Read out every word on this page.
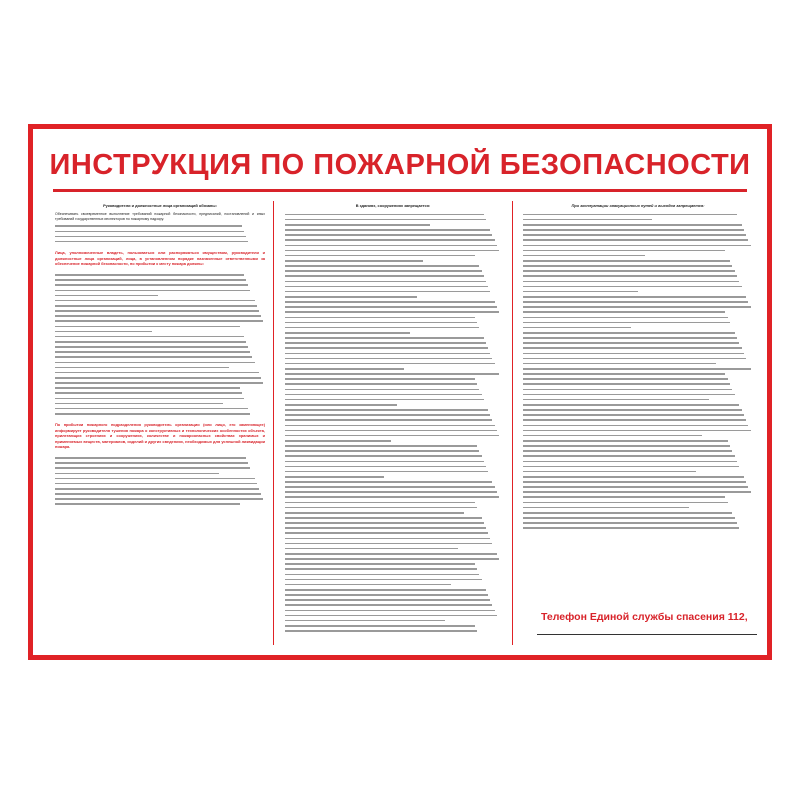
ИНСТРУКЦИЯ ПО ПОЖАРНОЙ БЕЗОПАСНОСТИ

Руководители и должностные лица организаций обязаны:

Обеспечивать своевременное выполнение требований пожарной безопасности, предписаний, постановлений и иных требований государственных инспекторов по пожарному надзору.

Лица, уполномоченные владеть, пользоваться или распоряжаться имуществом, руководители и должностные лица организаций, лица, в установленном порядке назначенные ответственными за обеспечение пожарной безопасности, по прибытии к месту пожара должны:

По прибытии пожарного подразделения руководитель организации (или лицо, его заменяющее) информирует руководителя тушения пожара о конструктивных и технологических особенностях объекта, прилегающих строениях и сооружениях, количестве и пожароопасных свойствах хранимых и применяемых веществ, материалов, изделий и других сведениях, необходимых для успешной ликвидации пожара.

В зданиях, сооружениях запрещается:	При эксплуатации эвакуационных путей и выходов запрещается:

Телефон Единой службы спасения 112,
